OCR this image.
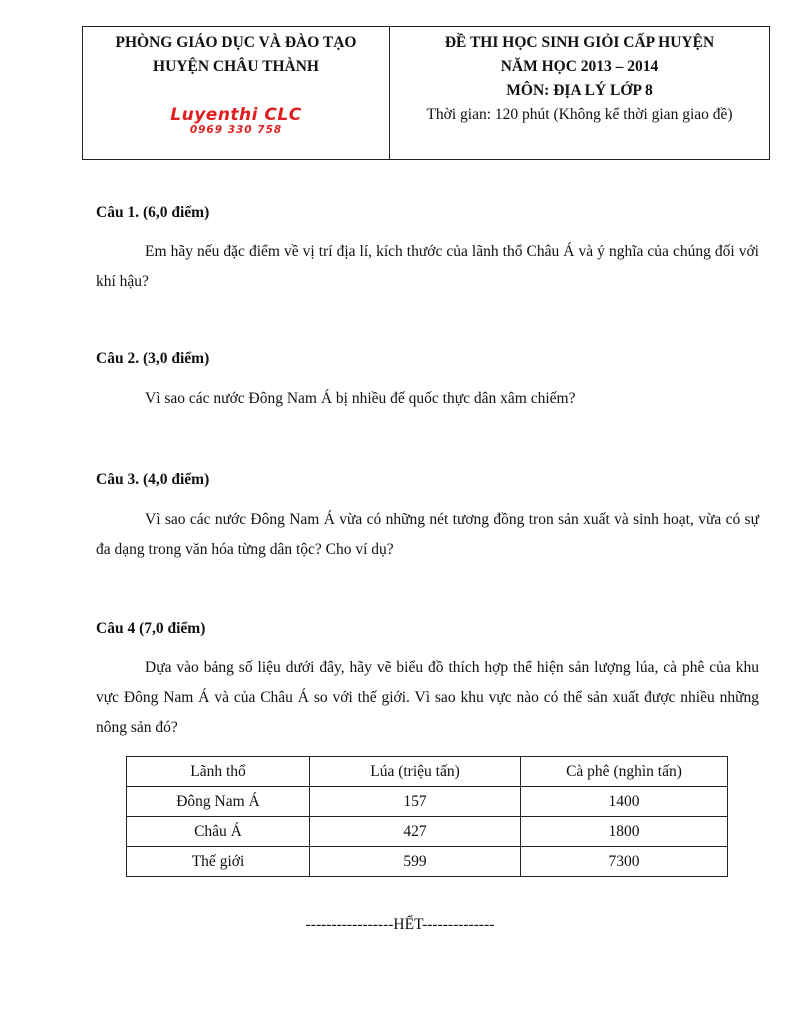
PHÒNG GIÁO DỤC VÀ ĐÀO TẠO
HUYỆN CHÂU THÀNH
Luyenthi CLC
0969 330 758
ĐỀ THI HỌC SINH GIỎI CẤP HUYỆN
NĂM HỌC 2013 – 2014
MÔN: ĐỊA LÝ LỚP 8
Thời gian: 120 phút (Không kể thời gian giao đề)
Câu 1. (6,0 điểm)

Em hãy nếu đặc điểm về vị trí địa lí, kích thước của lãnh thổ Châu Á và ý nghĩa của chúng đối với khí hậu?

Câu 2. (3,0 điểm)

Vì sao các nước Đông Nam Á bị nhiều đế quốc thực dân xâm chiếm?

Câu 3. (4,0 điểm)

Vì sao các nước Đông Nam Á vừa có những nét tương đồng tron sản xuất và sinh hoạt, vừa có sự đa dạng trong văn hóa từng dân tộc? Cho ví dụ?

Câu 4 (7,0 điểm)

Dựa vào bảng số liệu dưới đây, hãy vẽ biểu đồ thích hợp thể hiện sản lượng lúa, cà phê của khu vực Đông Nam Á và của Châu Á so với thế giới. Vì sao khu vực nào có thể sản xuất được nhiều những nông sản đó?

Lãnh thổ	Lúa (triệu tấn)	Cà phê (nghìn tấn)
Đông Nam Á	157	1400
Châu Á	427	1800
Thế giới	599	7300
-----------------HẾT--------------
